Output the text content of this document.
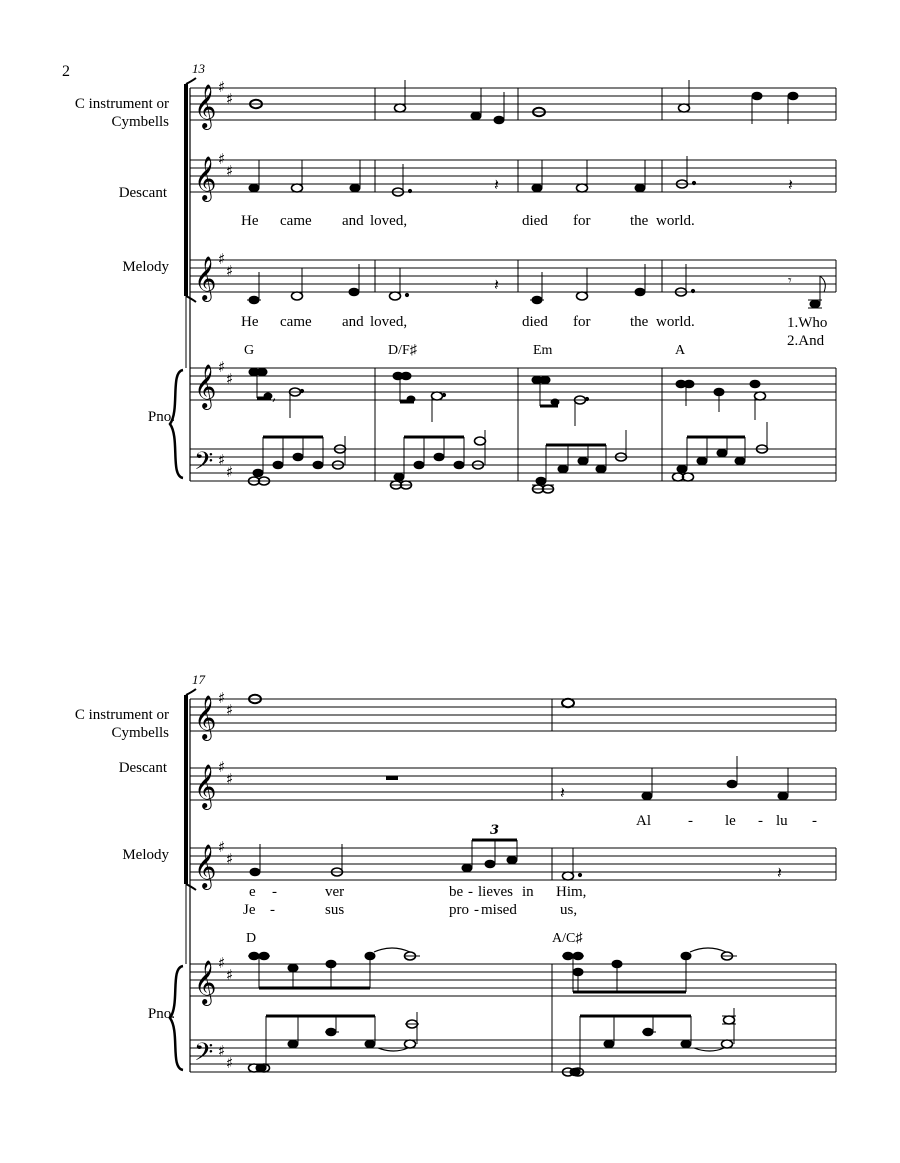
2	13
C instrument or
Cymbells
Descant
Melody
Pno.
𝄞
𝄞
𝄞
𝄞
𝄢
♯
♯
♯
♯
♯
♯
♯
♯
♯
♯
𝄽	𝄽
𝄽	𝄾
,
G	D/F♯	Em	A
He came and loved,	died for	the world.
He came and loved,	died for	the world.	1.Who
2.And
17
C instrument or
Cymbells
Descant
Melody
Pno.
𝄞
𝄞
𝄞
𝄞
𝄢
♯
♯
♯
♯
♯
♯
♯
♯
♯
♯
𝄽
3
𝄽
D	A/C♯
Al - le - lu -
e -	ver	be - lieves in Him,
Je -	sus	pro - mised	us,
